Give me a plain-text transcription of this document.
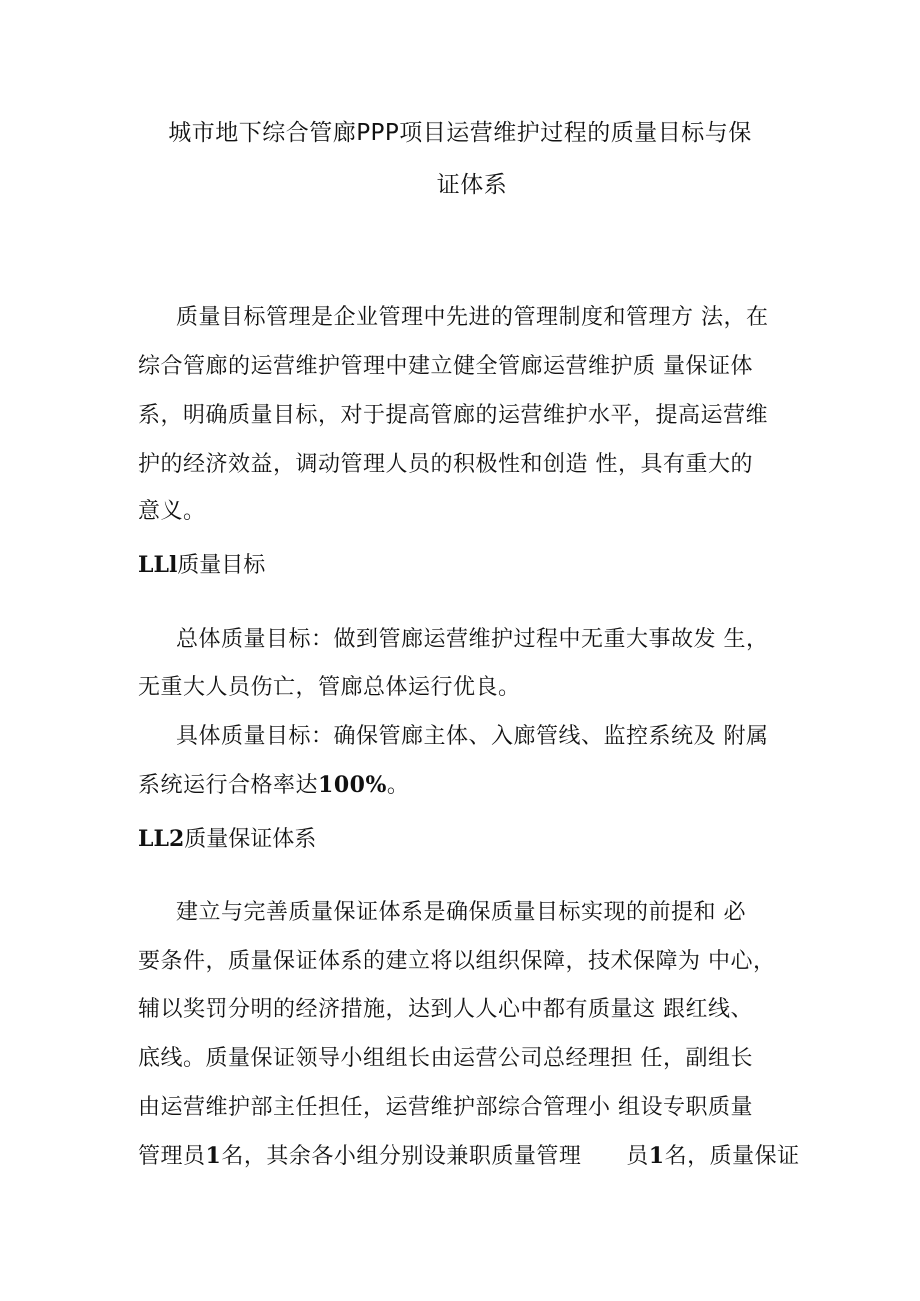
城市地下综合管廊PPP项目运营维护过程的质量目标与保
证体系
质量目标管理是企业管理中先进的管理制度和管理方 法，在
综合管廊的运营维护管理中建立健全管廊运营维护质 量保证体
系，明确质量目标，对于提高管廊的运营维护水平，提高运营维
护的经济效益，调动管理人员的积极性和创造 性，具有重大的
意义。
LLl质量目标
总体质量目标：做到管廊运营维护过程中无重大事故发 生，
无重大人员伤亡，管廊总体运行优良。
具体质量目标：确保管廊主体、入廊管线、监控系统及 附属
系统运行合格率达100%。
LL2质量保证体系
建立与完善质量保证体系是确保质量目标实现的前提和 必
要条件，质量保证体系的建立将以组织保障，技术保障为 中心，
辅以奖罚分明的经济措施，达到人人心中都有质量这 跟红线、
底线。质量保证领导小组组长由运营公司总经理担 任，副组长
由运营维护部主任担任，运营维护部综合管理小 组设专职质量
管理员1名，其余各小组分别设兼职质量管理      员1名，质量保证
